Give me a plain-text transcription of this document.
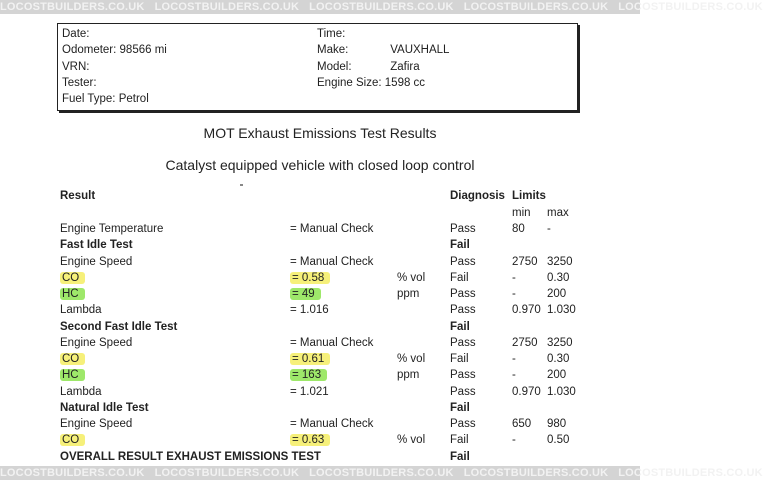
LOCOSTBUILDERS.CO.UK LOCOSTBUILDERS.CO.UK LOCOSTBUILDERS.CO.UK LOCOSTBUILDERS.CO.UK LOCOSTBUILDERS.CO.UK
Date:
Odometer: 98566 mi
VRN:
Tester:
Fuel Type: Petrol
Time:
Make:	VAUXHALL
Model:	Zafira
Engine Size: 1598 cc
MOT Exhaust Emissions Test Results
Catalyst equipped vehicle with closed loop control
Result	Diagnosis Limits
min max
Engine Temperature	= Manual Check	Pass	80 -
Fast Idle Test	Fail
Engine Speed	= Manual Check	Pass	2750 3250
CO	= 0.58	% vol Fail	-	0.30
HC	= 49	ppm	Pass	-	200
Lambda	= 1.016	Pass	0.970 1.030
Second Fast Idle Test	Fail
Engine Speed	= Manual Check	Pass	2750 3250
CO	= 0.61	% vol Fail	-	0.30
HC	= 163	ppm	Pass	-	200
Lambda	= 1.021	Pass	0.970 1.030
Natural Idle Test	Fail
Engine Speed	= Manual Check	Pass	650 980
CO	= 0.63	% vol Fail	-	0.50
OVERALL RESULT EXHAUST EMISSIONS TEST	Fail
LOCOSTBUILDERS.CO.UK LOCOSTBUILDERS.CO.UK LOCOSTBUILDERS.CO.UK LOCOSTBUILDERS.CO.UK LOCOSTBUILDERS.CO.UK
